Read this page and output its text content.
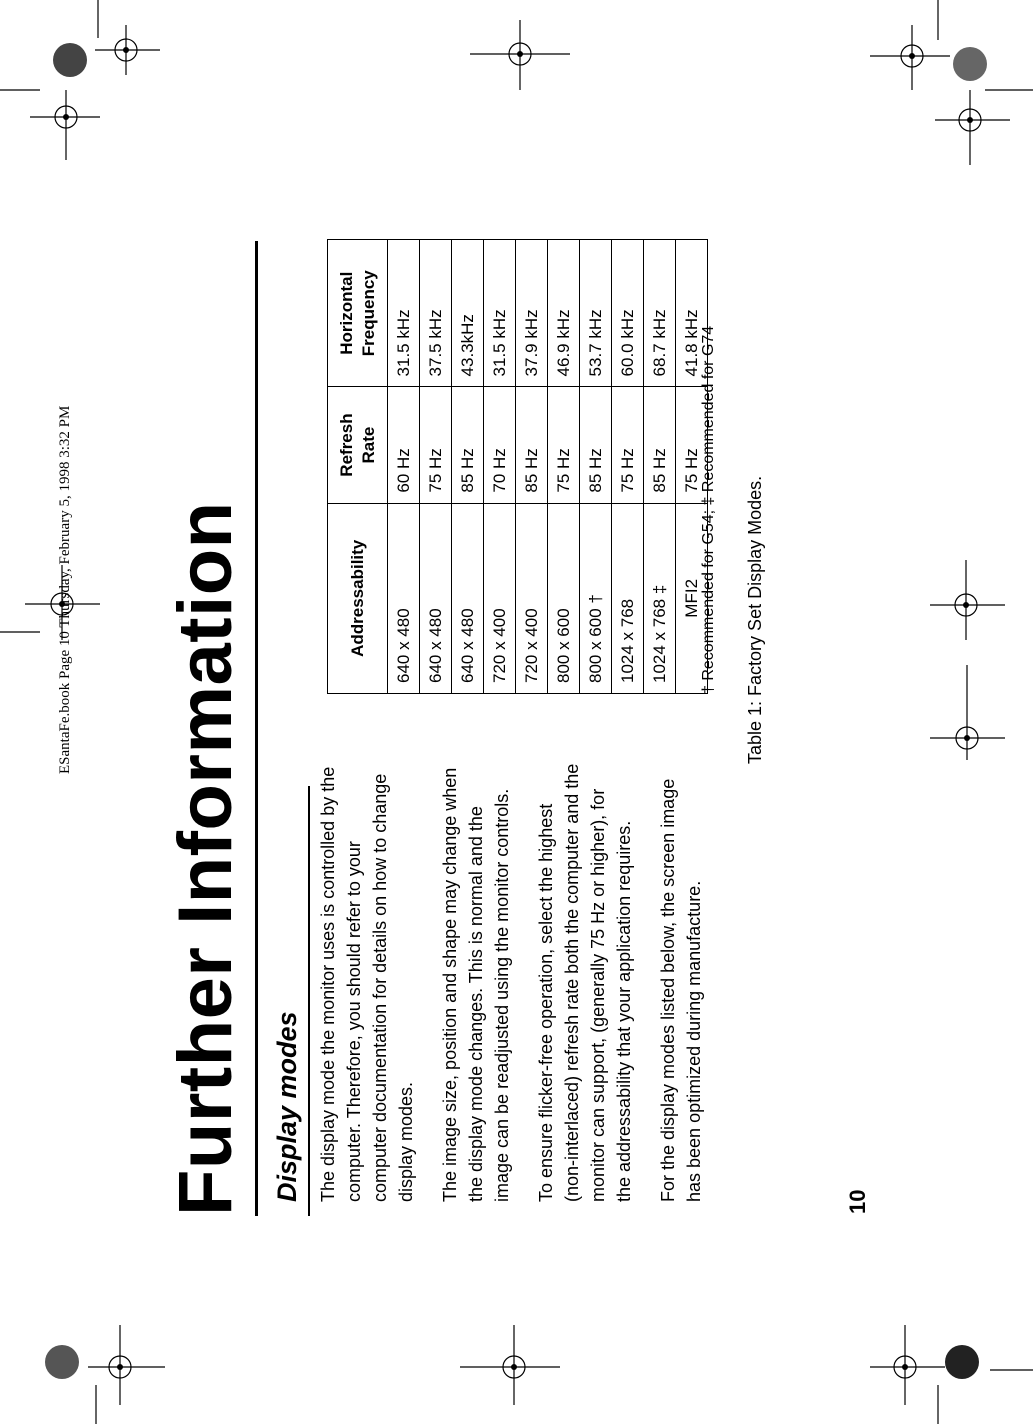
ESantaFe.book Page 10 Thursday, February 5, 1998 3:32 PM
10
Further Information Display modes The display mode the monitor uses is controlled by the computer. Therefore, you should refer to your computer documentation for details on how to change display modes. The image size, position and shape may change when the display mode changes. This is normal and the image can be readjusted using the monitor controls. To ensure flicker-free operation, select the highest (non-interlaced) refresh rate both the computer and the monitor can support, (generally 75 Hz or higher), for the addressability that your application requires. For the display modes listed below, the screen image has been optimized during manufacture.

Addressability	Refresh Rate	Horizontal Frequency
640 x 480	60 Hz	31.5 kHz
640 x 480	75 Hz	37.5 kHz
640 x 480	85 Hz	43.3kHz
720 x 400	70 Hz	31.5 kHz
720 x 400	85 Hz	37.9 kHz
800 x 600	75 Hz	46.9 kHz
800 x 600 †	85 Hz	53.7 kHz
1024 x 768	75 Hz	60.0 kHz
1024 x 768 ‡	85 Hz	68.7 kHz
MFI2	75 Hz	41.8 kHz † Recommended for G54; ‡ Recommended for G74 Table 1: Factory Set Display Modes.
